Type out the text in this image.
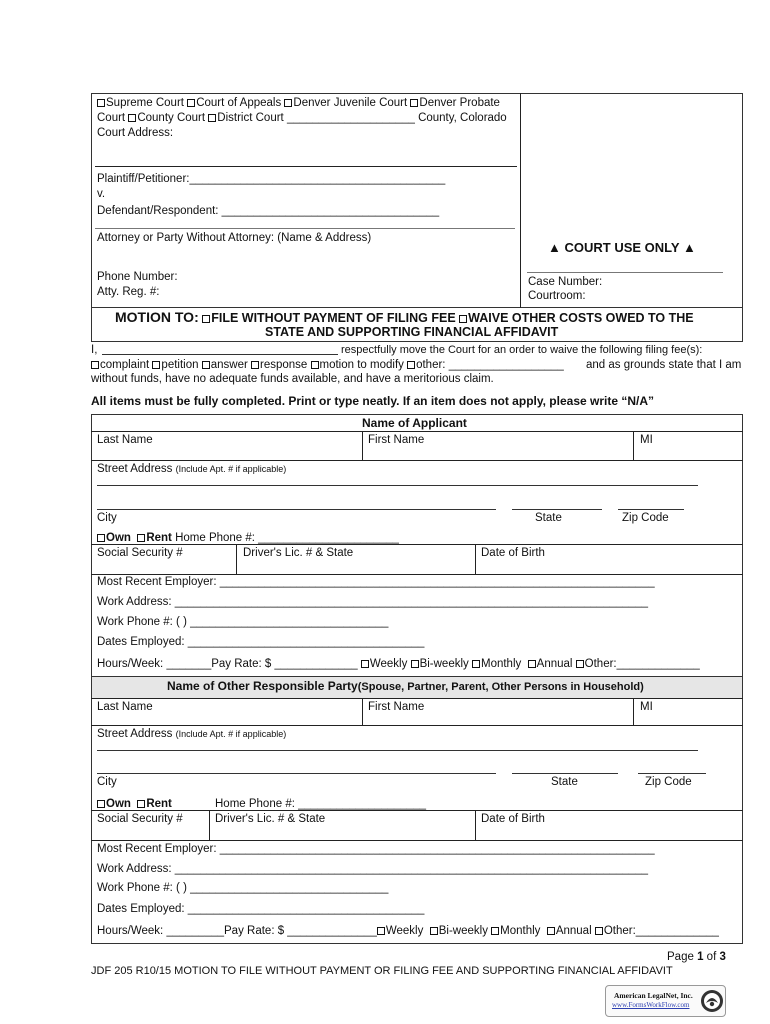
Supreme Court Court of Appeals Denver Juvenile Court Denver Probate
Court County Court District Court ____________________ County, Colorado
Court Address:
Plaintiff/Petitioner:________________________________________
v.
Defendant/Respondent: __________________________________
Attorney or Party Without Attorney: (Name & Address)
Phone Number:
Atty. Reg. #:
▲ COURT USE ONLY ▲
Case Number:
Courtroom:
MOTION TO: FILE WITHOUT PAYMENT OF FILING FEE WAIVE OTHER COSTS OWED TO THE
STATE AND SUPPORTING FINANCIAL AFFIDAVIT
I,	respectfully move the Court for an order to waive the following filing fee(s):
complaint petition answer response motion to modify other: __________________ and as grounds state that I am
without funds, have no adequate funds available, and have a meritorious claim.
All items must be fully completed. Print or type neatly. If an item does not apply, please write “N/A”
Name of Applicant
Last Name	First Name	MI
Street Address (Include Apt. # if applicable)
City	State	Zip Code
Own Rent Home Phone #: ______________________
Social Security #	Driver's Lic. # & State	Date of Birth
Most Recent Employer: ____________________________________________________________________
Work Address: __________________________________________________________________________
Work Phone #: ( ) _______________________________
Dates Employed: _____________________________________
Hours/Week: _______Pay Rate: $ _____________ Weekly Bi-weekly Monthly Annual Other:_____________
Name of Other Responsible Party(Spouse, Partner, Parent, Other Persons in Household)
Last Name	First Name	MI
Street Address (Include Apt. # if applicable)
City	State	Zip Code
Own Rent	Home Phone #: ____________________
Social Security #	Driver's Lic. # & State	Date of Birth
Most Recent Employer: ____________________________________________________________________
Work Address: __________________________________________________________________________
Work Phone #: ( ) _______________________________
Dates Employed: _____________________________________
Hours/Week: _________Pay Rate: $ ______________ Weekly Bi-weekly Monthly Annual Other:_____________
Page 1 of 3
JDF 205 R10/15 MOTION TO FILE WITHOUT PAYMENT OR FILING FEE AND SUPPORTING FINANCIAL AFFIDAVIT
American LegalNet, Inc.
www.FormsWorkFlow.com
